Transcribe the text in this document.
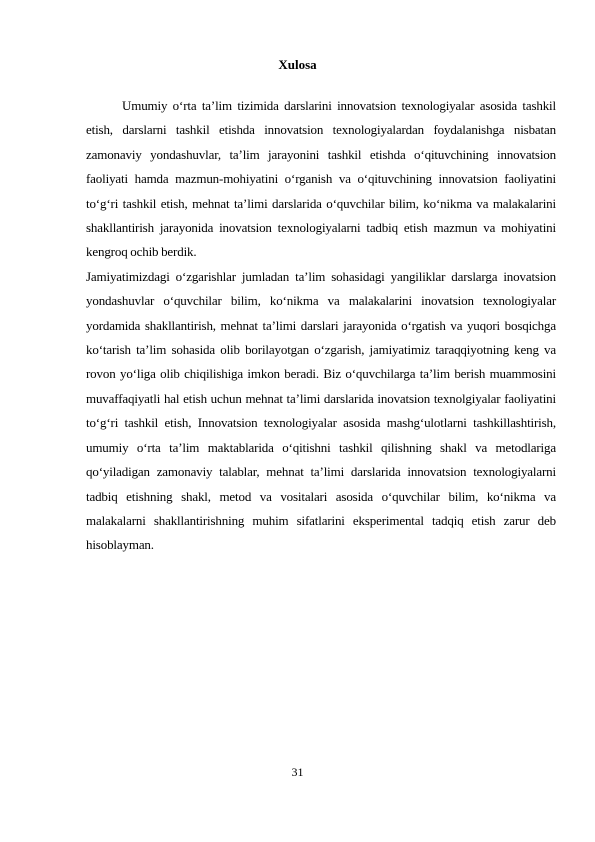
Xulosa

Umumiy o‘rta ta’lim tizimida darslarini innovatsion texnologiyalar asosida tashkil etish, darslarni tashkil etishda innovatsion texnologiyalardan foydalanishga nisbatan zamonaviy yondashuvlar, ta’lim jarayonini tashkil etishda o‘qituvchining innovatsion faoliyati hamda mazmun-mohiyatini o‘rganish va o‘qituvchining innovatsion faoliyatini to‘g‘ri tashkil etish, mehnat ta’limi darslarida o‘quvchilar bilim, ko‘nikma va malakalarini shakllantirish jarayonida inovatsion texnologiyalarni tadbiq etish mazmun va mohiyatini kengroq ochib berdik.

Jamiyatimizdagi o‘zgarishlar jumladan ta’lim sohasidagi yangiliklar darslarga inovatsion yondashuvlar o‘quvchilar bilim, ko‘nikma va malakalarini inovatsion texnologiyalar yordamida shakllantirish, mehnat ta’limi darslari jarayonida o‘rgatish va yuqori bosqichga ko‘tarish ta’lim sohasida olib borilayotgan o‘zgarish, jamiyatimiz taraqqiyotning keng va rovon yo‘liga olib chiqilishiga imkon beradi. Biz o‘quvchilarga ta’lim berish muammosini muvaffaqiyatli hal etish uchun mehnat ta’limi darslarida inovatsion texnolgiyalar faoliyatini to‘g‘ri tashkil etish, Innovatsion texnologiyalar asosida mashg‘ulotlarni tashkillashtirish, umumiy o‘rta ta’lim maktablarida o‘qitishni tashkil qilishning shakl va metodlariga qo‘yiladigan zamonaviy talablar, mehnat ta’limi darslarida innovatsion texnologiyalarni tadbiq etishning shakl, metod va vositalari asosida o‘quvchilar bilim, ko‘nikma va malakalarni shakllantirishning muhim sifatlarini eksperimental tadqiq etish zarur deb hisoblayman.

31
